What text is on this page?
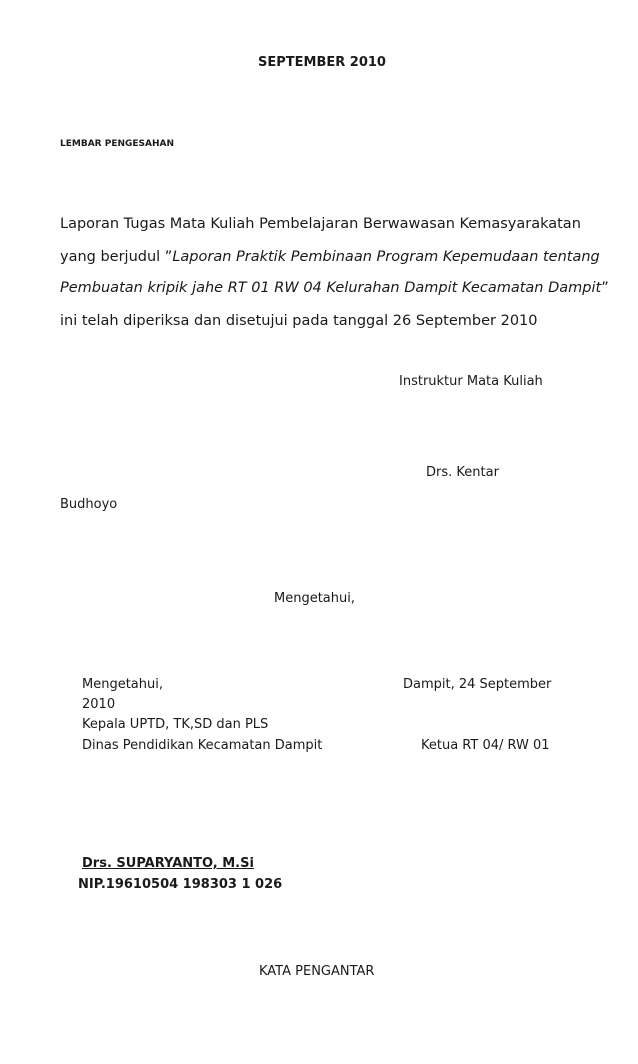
SEPTEMBER 2010

LEMBAR PENGESAHAN

Laporan Tugas Mata Kuliah Pembelajaran Berwawasan Kemasyarakatan

yang berjudul ”Laporan Praktik Pembinaan Program Kepemudaan tentang

Pembuatan kripik jahe RT 01 RW 04 Kelurahan Dampit Kecamatan Dampit”

ini telah diperiksa dan disetujui pada tanggal 26 September 2010

Instruktur Mata Kuliah

Drs. Kentar

Budhoyo

Mengetahui,

Mengetahui,	Dampit, 24 September

2010

Kepala UPTD, TK,SD dan PLS

Dinas Pendidikan Kecamatan Dampit	Ketua RT 04/ RW 01

Drs. SUPARYANTO, M.Si

NIP.19610504 198303 1 026

KATA PENGANTAR
